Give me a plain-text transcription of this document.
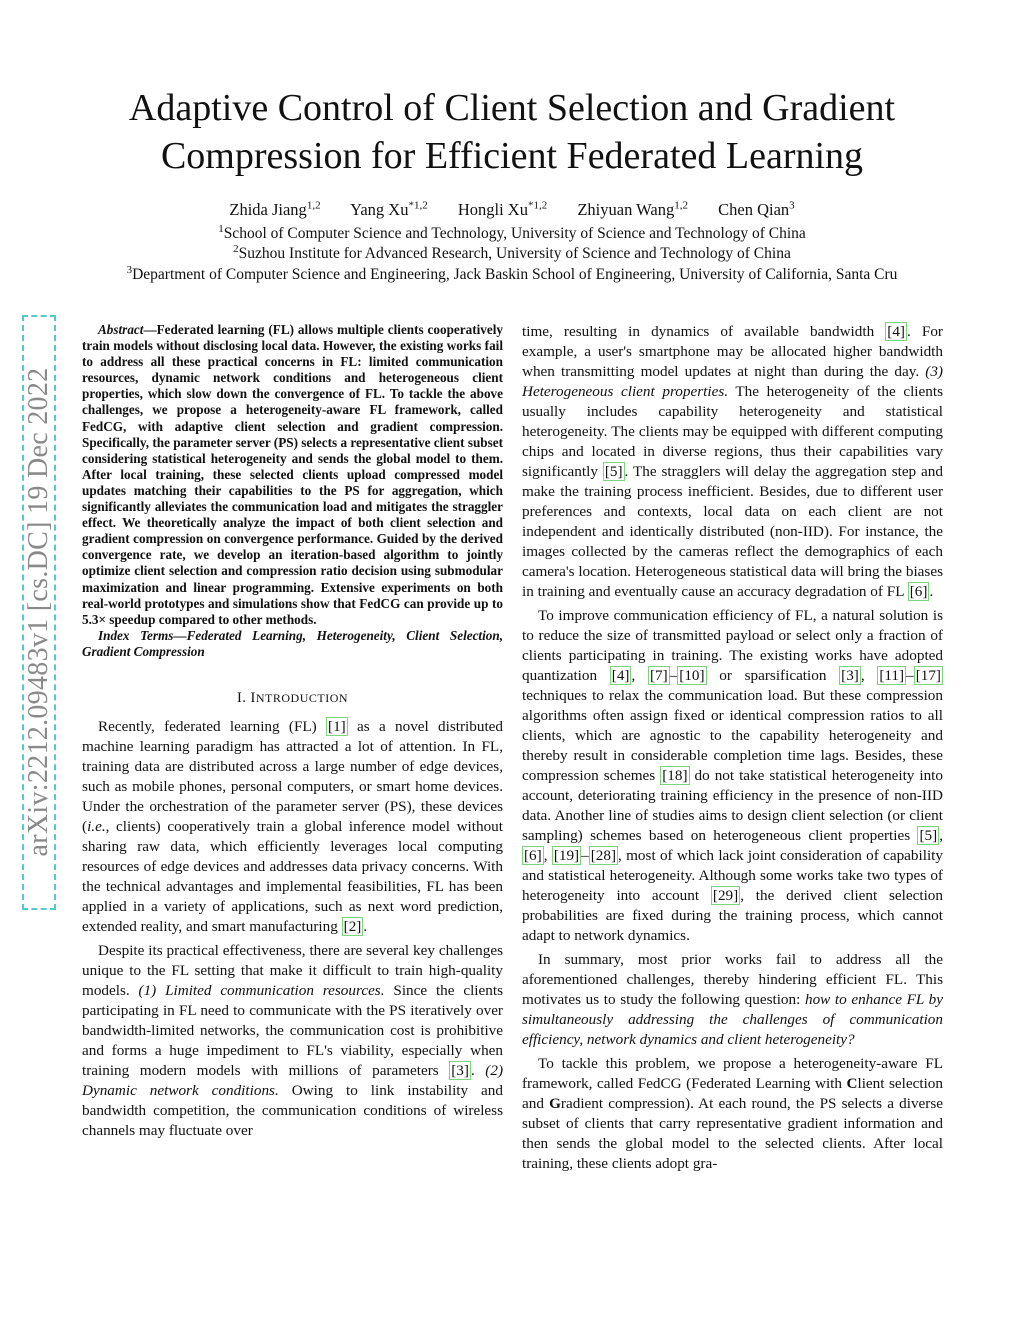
Adaptive Control of Client Selection and Gradient
Compression for Efficient Federated Learning
Zhida Jiang$^{1,2}$ Yang Xu$^{*1,2}$ Hongli Xu$^{*1,2}$ Zhiyuan Wang$^{1,2}$ Chen Qian$^3$
$^1$School of Computer Science and Technology, University of Science and Technology of China
$^2$Suzhou Institute for Advanced Research, University of Science and Technology of China
$^3$Department of Computer Science and Engineering, Jack Baskin School of Engineering, University of California, Santa Cru
arXiv:2212.09483v1 [cs.DC] 19 Dec 2022

Abstract—Federated learning (FL) allows multiple clients cooperatively train models without disclosing local data. However, the existing works fail to address all these practical concerns in FL: limited communication resources, dynamic network conditions and heterogeneous client properties, which slow down the convergence of FL. To tackle the above challenges, we propose a heterogeneity-aware FL framework, called FedCG, with adaptive client selection and gradient compression. Specifically, the parameter server (PS) selects a representative client subset considering statistical heterogeneity and sends the global model to them. After local training, these selected clients upload compressed model updates matching their capabilities to the PS for aggregation, which significantly alleviates the communication load and mitigates the straggler effect. We theoretically analyze the impact of both client selection and gradient compression on convergence performance. Guided by the derived convergence rate, we develop an iteration-based algorithm to jointly optimize client selection and compression ratio decision using submodular maximization and linear programming. Extensive experiments on both real-world prototypes and simulations show that FedCG can provide up to 5.3× speedup compared to other methods.

Index Terms—Federated Learning, Heterogeneity, Client Selection, Gradient Compression

I. INTRODUCTION

Recently, federated learning (FL) [1] as a novel distributed machine learning paradigm has attracted a lot of attention. In FL, training data are distributed across a large number of edge devices, such as mobile phones, personal computers, or smart home devices. Under the orchestration of the parameter server (PS), these devices (i.e., clients) cooperatively train a global inference model without sharing raw data, which efficiently leverages local computing resources of edge devices and addresses data privacy concerns. With the technical advantages and implemental feasibilities, FL has been applied in a variety of applications, such as next word prediction, extended reality, and smart manufacturing [2] .

Despite its practical effectiveness, there are several key challenges unique to the FL setting that make it difficult to train high-quality models. (1) Limited communication resources. Since the clients participating in FL need to communicate with the PS iteratively over bandwidth-limited networks, the communication cost is prohibitive and forms a huge impediment to FL's viability, especially when training modern models with millions of parameters [3] . (2) Dynamic network conditions. Owing to link instability and bandwidth competition, the communication conditions of wireless channels may fluctuate over

time, resulting in dynamics of available bandwidth [4] . For example, a user's smartphone may be allocated higher bandwidth when transmitting model updates at night than during the day. (3) Heterogeneous client properties. The heterogeneity of the clients usually includes capability heterogeneity and statistical heterogeneity. The clients may be equipped with different computing chips and located in diverse regions, thus their capabilities vary significantly [5] . The stragglers will delay the aggregation step and make the training process inefficient. Besides, due to different user preferences and contexts, local data on each client are not independent and identically distributed (non-IID). For instance, the images collected by the cameras reflect the demographics of each camera's location. Heterogeneous statistical data will bring the biases in training and eventually cause an accuracy degradation of FL [6] .

To improve communication efficiency of FL, a natural solution is to reduce the size of transmitted payload or select only a fraction of clients participating in training. The existing works have adopted quantization [4] , [7] – [10] or sparsification [3] , [11] – [17] techniques to relax the communication load. But these compression algorithms often assign fixed or identical compression ratios to all clients, which are agnostic to the capability heterogeneity and thereby result in considerable completion time lags. Besides, these compression schemes [18] do not take statistical heterogeneity into account, deteriorating training efficiency in the presence of non-IID data. Another line of studies aims to design client selection (or client sampling) schemes based on heterogeneous client properties [5] , [6] , [19] – [28] , most of which lack joint consideration of capability and statistical heterogeneity. Although some works take two types of heterogeneity into account [29] , the derived client selection probabilities are fixed during the training process, which cannot adapt to network dynamics.

In summary, most prior works fail to address all the aforementioned challenges, thereby hindering efficient FL. This motivates us to study the following question: how to enhance FL by simultaneously addressing the challenges of communication efficiency, network dynamics and client heterogeneity?

To tackle this problem, we propose a heterogeneity-aware FL framework, called FedCG (Federated Learning with Client selection and Gradient compression). At each round, the PS selects a diverse subset of clients that carry representative gradient information and then sends the global model to the selected clients. After local training, these clients adopt gra-
